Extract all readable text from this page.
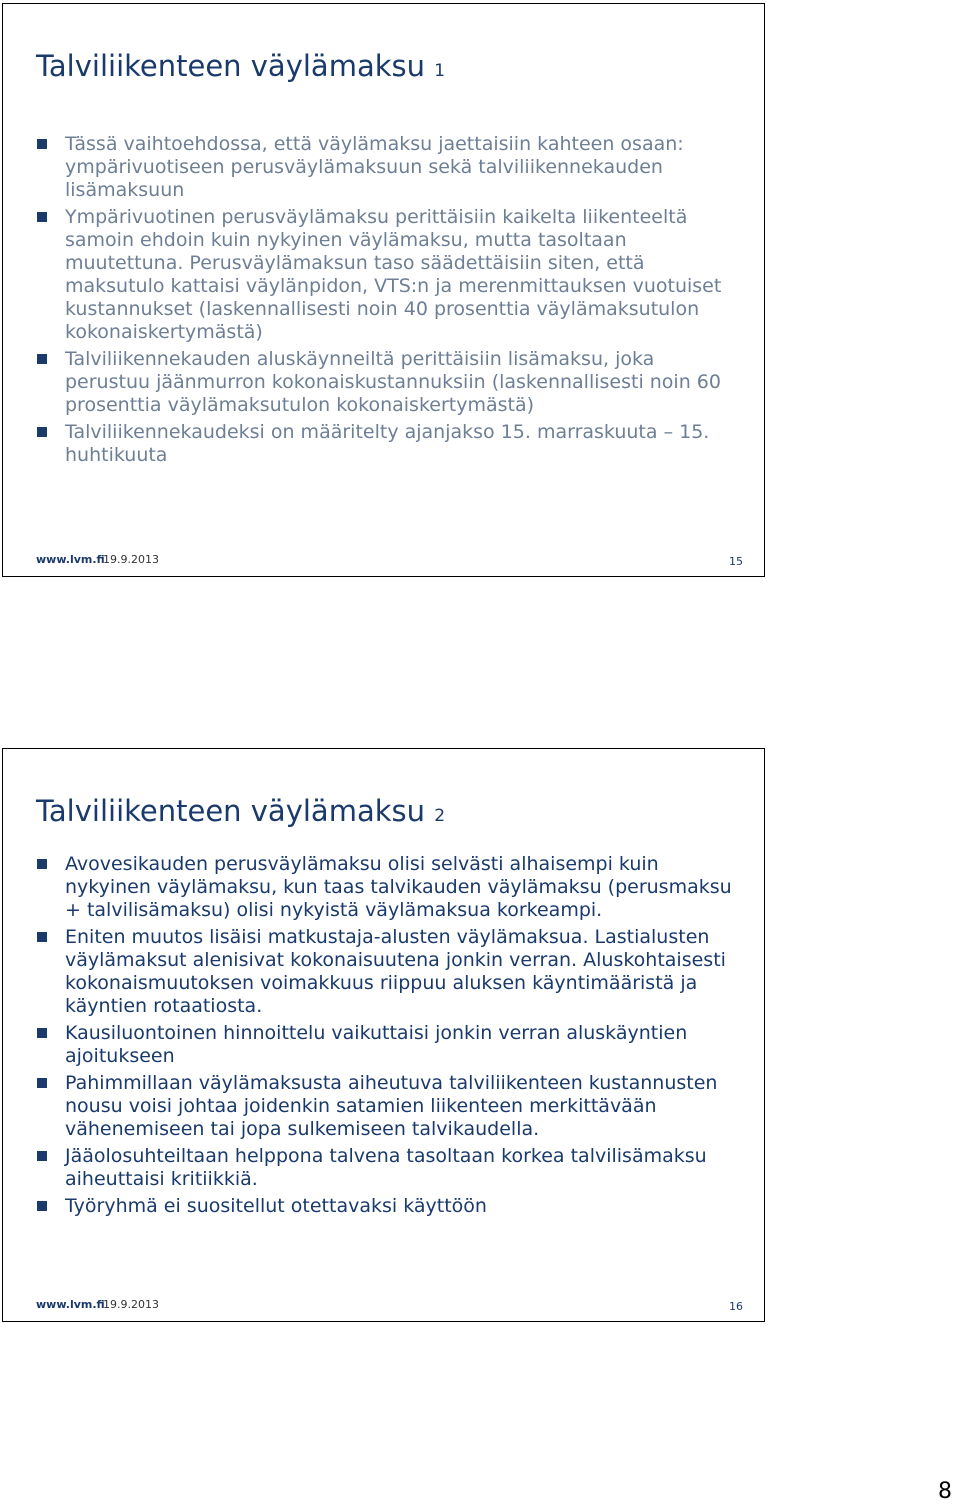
Talviliikenteen väylämaksu 1
Tässä vaihtoehdossa, että väylämaksu jaettaisiin kahteen osaan: ympärivuotiseen perusväylämaksuun sekä talviliikennekauden lisämaksuun
Ympärivuotinen perusväylämaksu perittäisiin kaikelta liikenteeltä samoin ehdoin kuin nykyinen väylämaksu, mutta tasoltaan muutettuna. Perusväylämaksun taso säädettäisiin siten, että maksutulo kattaisi väylänpidon, VTS:n ja merenmittauksen vuotuiset kustannukset (laskennallisesti noin 40 prosenttia väylämaksutulon kokonaiskertymästä)
Talviliikennekauden aluskäynneiltä perittäisiin lisämaksu, joka perustuu jäänmurron kokonaiskustannuksiin (laskennallisesti noin 60 prosenttia väylämaksutulon kokonaiskertymästä)
Talviliikennekaudeksi on määritelty ajanjakso 15. marraskuuta – 15. huhtikuuta
www.lvm.fi
19.9.2013	15
Talviliikenteen väylämaksu 2
Avovesikauden perusväylämaksu olisi selvästi alhaisempi kuin nykyinen väylämaksu, kun taas talvikauden väylämaksu (perusmaksu + talvilisämaksu) olisi nykyistä väylämaksua korkeampi.
Eniten muutos lisäisi matkustaja-alusten väylämaksua. Lastialusten väylämaksut alenisivat kokonaisuutena jonkin verran. Aluskohtaisesti kokonaismuutoksen voimakkuus riippuu aluksen käyntimääristä ja käyntien rotaatiosta.
Kausiluontoinen hinnoittelu vaikuttaisi jonkin verran aluskäyntien ajoitukseen
Pahimmillaan väylämaksusta aiheutuva talviliikenteen kustannusten nousu voisi johtaa joidenkin satamien liikenteen merkittävään vähenemiseen tai jopa sulkemiseen talvikaudella.
Jääolosuhteiltaan helppona talvena tasoltaan korkea talvilisämaksu aiheuttaisi kritiikkiä.
Työryhmä ei suositellut otettavaksi käyttöön
www.lvm.fi
19.9.2013	16
8
